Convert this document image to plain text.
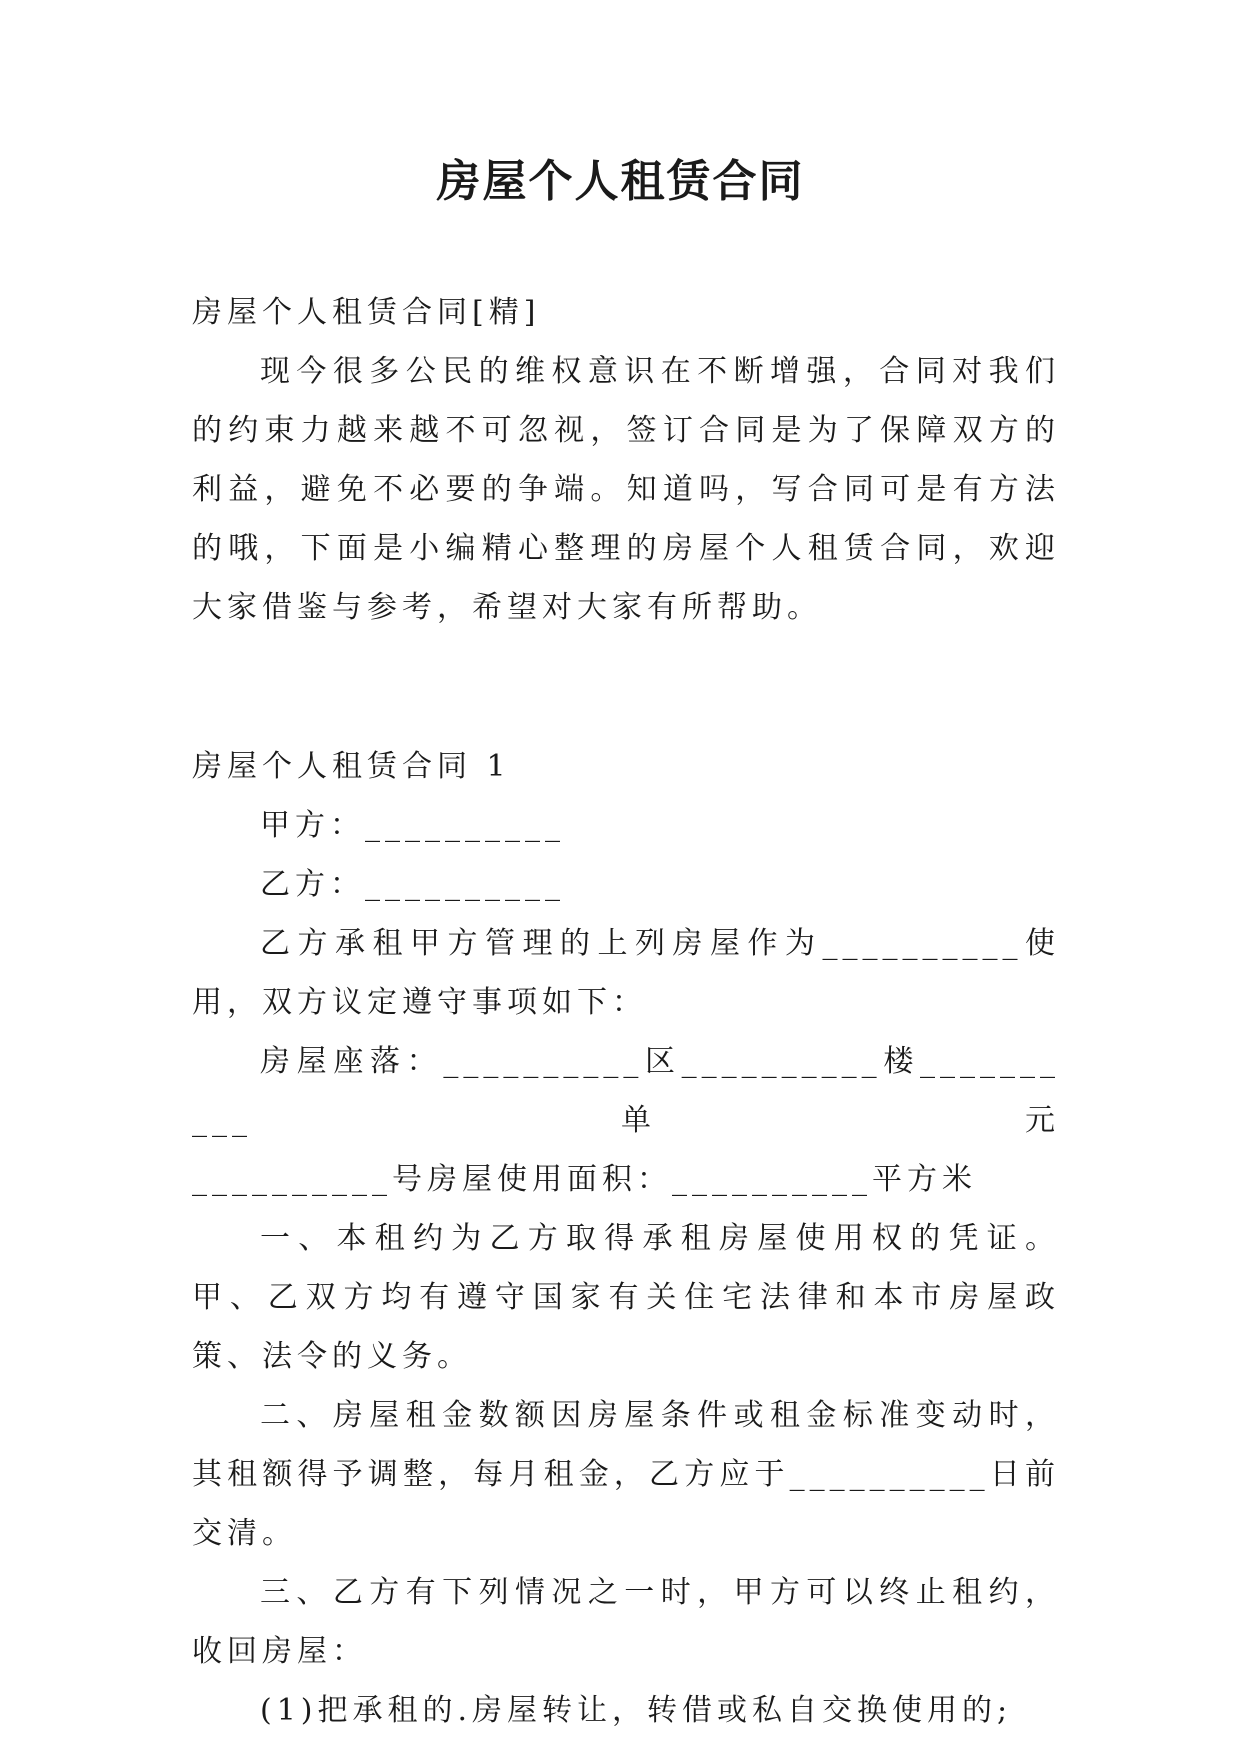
房屋个人租赁合同

房屋个人租赁合同[精]

现今很多公民的维权意识在不断增强，合同对我们的约束力越来越不可忽视，签订合同是为了保障双方的利益，避免不必要的争端。知道吗，写合同可是有方法的哦，下面是小编精心整理的房屋个人租赁合同，欢迎大家借鉴与参考，希望对大家有所帮助。

房屋个人租赁合同 1

甲方：__________

乙方：__________

乙方承租甲方管理的上列房屋作为__________使用，双方议定遵守事项如下：

房屋座落：__________区__________楼__________单元

__________号房屋使用面积：__________平方米

一、本租约为乙方取得承租房屋使用权的凭证。甲、乙双方均有遵守国家有关住宅法律和本市房屋政策、法令的义务。

二、房屋租金数额因房屋条件或租金标准变动时，其租额得予调整，每月租金，乙方应于__________日前交清。

三、乙方有下列情况之一时，甲方可以终止租约，收回房屋：

(1)把承租的.房屋转让，转借或私自交换使用的;
